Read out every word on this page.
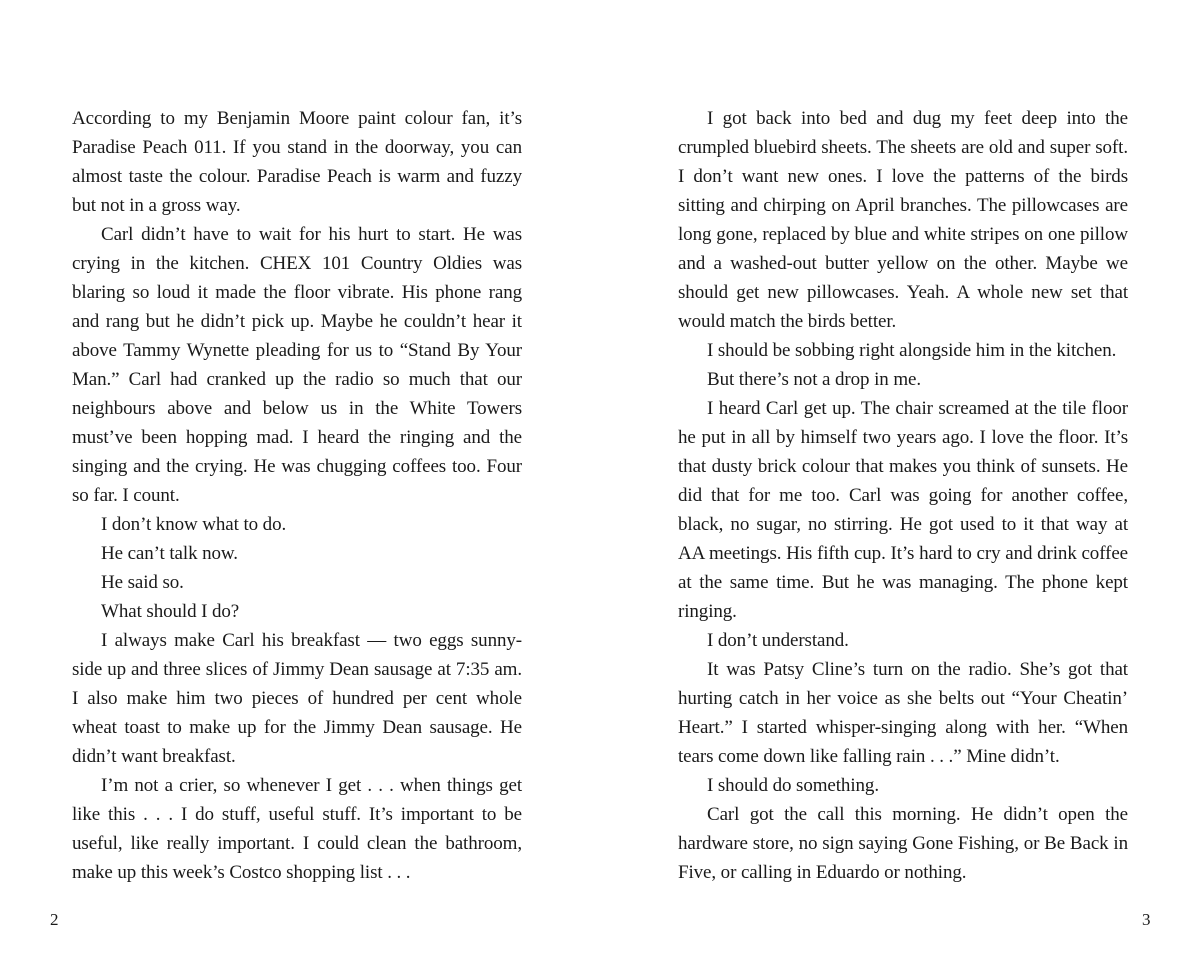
According to my Benjamin Moore paint colour fan, it’s Paradise Peach 011. If you stand in the doorway, you can almost taste the colour. Paradise Peach is warm and fuzzy but not in a gross way.

Carl didn’t have to wait for his hurt to start. He was crying in the kitchen. CHEX 101 Country Oldies was blaring so loud it made the floor vibrate. His phone rang and rang but he didn’t pick up. Maybe he couldn’t hear it above Tammy Wynette pleading for us to “Stand By Your Man.” Carl had cranked up the radio so much that our neighbours above and below us in the White Towers must’ve been hopping mad. I heard the ringing and the singing and the crying. He was chugging coffees too. Four so far. I count.

I don’t know what to do.

He can’t talk now.

He said so.

What should I do?

I always make Carl his breakfast — two eggs sunny-side up and three slices of Jimmy Dean sausage at 7:35 am. I also make him two pieces of hundred per cent whole wheat toast to make up for the Jimmy Dean sausage. He didn’t want breakfast.

I’m not a crier, so whenever I get . . . when things get like this . . . I do stuff, useful stuff. It’s important to be useful, like really important. I could clean the bathroom, make up this week’s Costco shopping list . . .

I got back into bed and dug my feet deep into the crumpled bluebird sheets. The sheets are old and super soft. I don’t want new ones. I love the patterns of the birds sitting and chirping on April branches. The pillowcases are long gone, replaced by blue and white stripes on one pillow and a washed-out butter yellow on the other. Maybe we should get new pillowcases. Yeah. A whole new set that would match the birds better.

I should be sobbing right alongside him in the kitchen.

But there’s not a drop in me.

I heard Carl get up. The chair screamed at the tile floor he put in all by himself two years ago. I love the floor. It’s that dusty brick colour that makes you think of sunsets. He did that for me too. Carl was going for another coffee, black, no sugar, no stirring. He got used to it that way at AA meetings. His fifth cup. It’s hard to cry and drink coffee at the same time. But he was managing. The phone kept ringing.

I don’t understand.

It was Patsy Cline’s turn on the radio. She’s got that hurting catch in her voice as she belts out “Your Cheatin’ Heart.” I started whisper-singing along with her. “When tears come down like falling rain . . .” Mine didn’t.

I should do something.

Carl got the call this morning. He didn’t open the hardware store, no sign saying Gone Fishing, or Be Back in Five, or calling in Eduardo or nothing.

2	3
